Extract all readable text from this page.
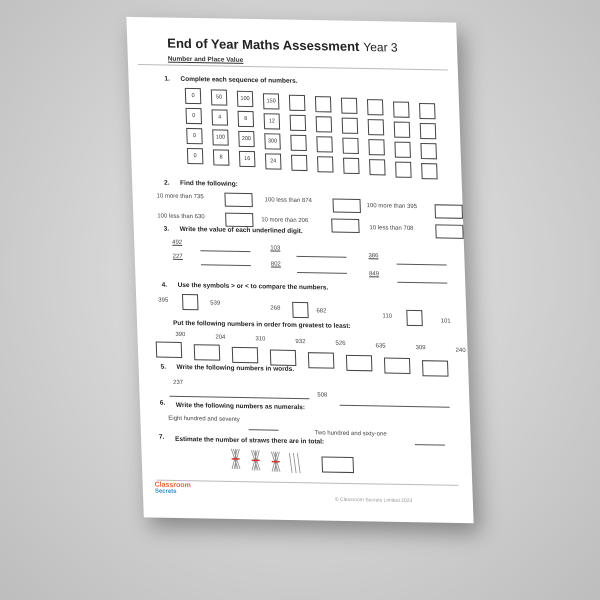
End of Year Maths Assessment Year 3
Number and Place Value
1. Complete each sequence of numbers.
0	50	100	150
0	4	8	12
0	100	200	300
0	8	16	24
2. Find the following:
10 more than 735
100 less than 874
100 more than 395
100 less than 630
10 more than 206
10 less than 708
3. Write the value of each underlined digit.
492
103
386
227
802
849
4. Use the symbols > or < to compare the numbers.
395	539
268	682
110
101
Put the following numbers in order from greatest to least:
390	204	310	932	526	635	309	240
5. Write the following numbers in words.
237
508
6. Write the following numbers as numerals:
Eight hundred and seventy
Two hundred and sixty-one
7. Estimate the number of straws there are in total:
Classroom
Secrets
© Classroom Secrets Limited 2023
